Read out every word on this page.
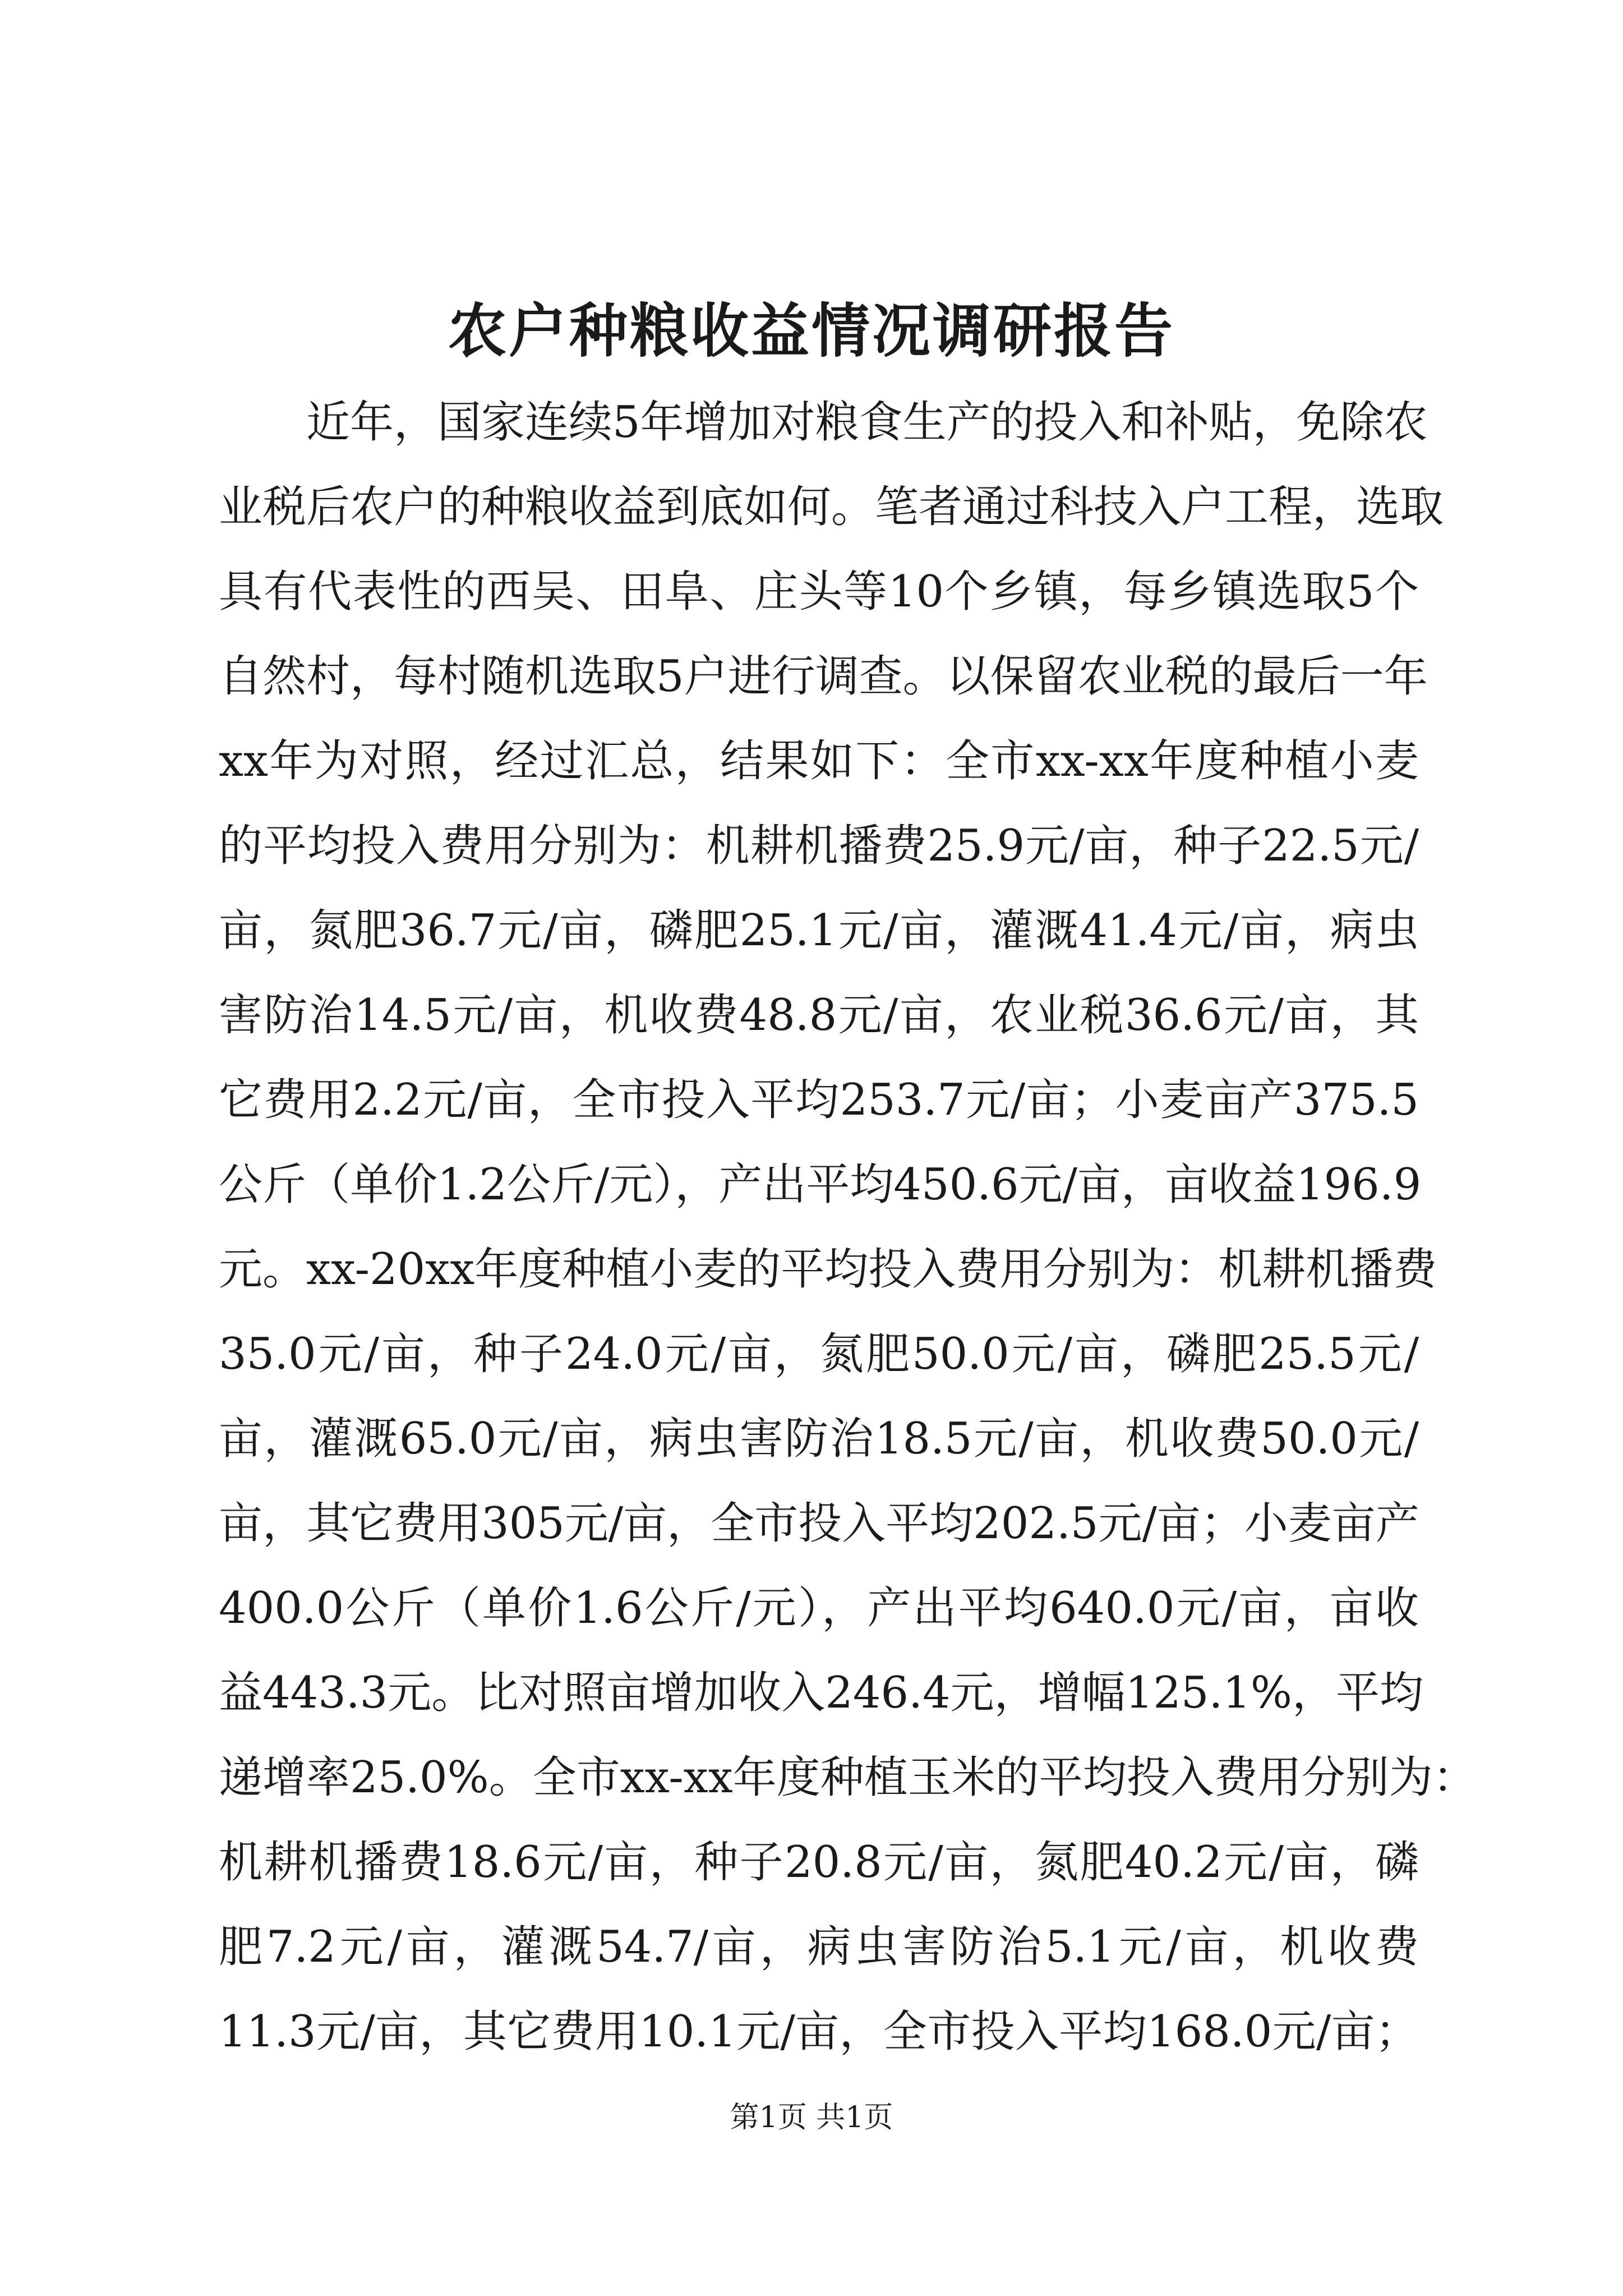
农户种粮收益情况调研报告
近年，国家连续5年增加对粮食生产的投入和补贴，免除农
业税后农户的种粮收益到底如何。笔者通过科技入户工程，选取
具有代表性的西吴、田阜、庄头等10个乡镇，每乡镇选取5个
自然村，每村随机选取5户进行调查。以保留农业税的最后一年
xx年为对照，经过汇总，结果如下：全市xx-xx年度种植小麦
的平均投入费用分别为：机耕机播费25.9元/亩，种子22.5元/
亩，氮肥36.7元/亩，磷肥25.1元/亩，灌溉41.4元/亩，病虫
害防治14.5元/亩，机收费48.8元/亩，农业税36.6元/亩，其
它费用2.2元/亩，全市投入平均253.7元/亩；小麦亩产375.5
公斤（单价1.2公斤/元），产出平均450.6元/亩，亩收益196.9
元。xx-20xx年度种植小麦的平均投入费用分别为：机耕机播费
35.0元/亩，种子24.0元/亩，氮肥50.0元/亩，磷肥25.5元/
亩，灌溉65.0元/亩，病虫害防治18.5元/亩，机收费50.0元/
亩，其它费用305元/亩，全市投入平均202.5元/亩；小麦亩产
400.0公斤（单价1.6公斤/元），产出平均640.0元/亩，亩收
益443.3元。比对照亩增加收入246.4元，增幅125.1%，平均
递增率25.0%。全市xx-xx年度种植玉米的平均投入费用分别为：
机耕机播费18.6元/亩，种子20.8元/亩，氮肥40.2元/亩，磷
肥7.2元/亩，灌溉54.7/亩，病虫害防治5.1元/亩，机收费
11.3元/亩，其它费用10.1元/亩，全市投入平均168.0元/亩；
第1页 共1页
